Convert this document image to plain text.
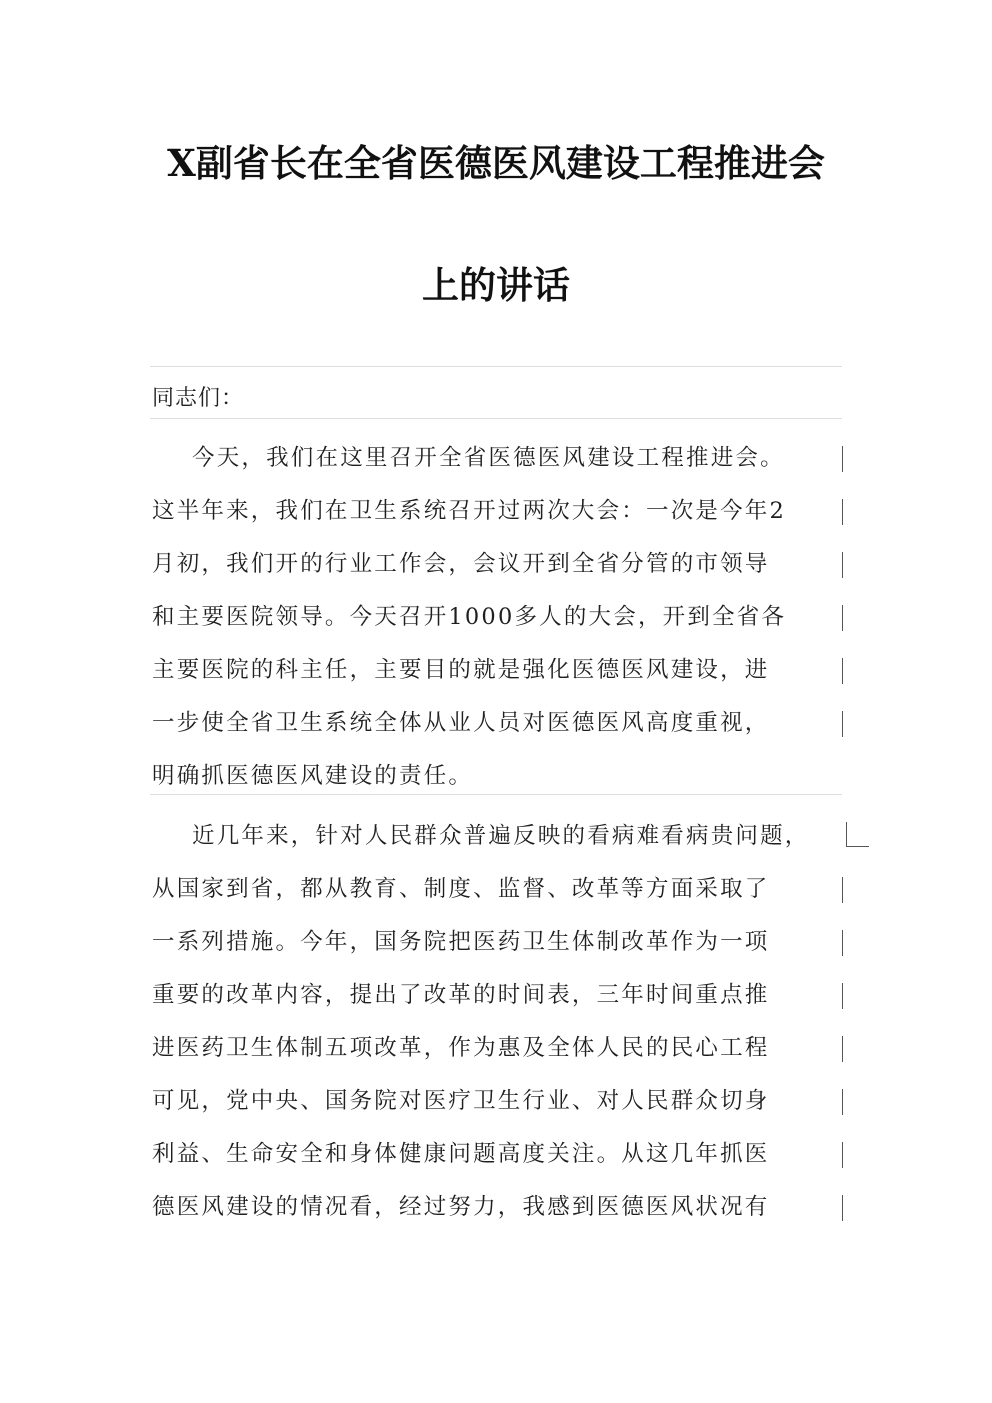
X副省长在全省医德医风建设工程推进会
上的讲话
同志们：
今天，我们在这里召开全省医德医风建设工程推进会。
这半年来，我们在卫生系统召开过两次大会：一次是今年2
月初，我们开的行业工作会，会议开到全省分管的市领导
和主要医院领导。今天召开1000多人的大会，开到全省各
主要医院的科主任，主要目的就是强化医德医风建设，进
一步使全省卫生系统全体从业人员对医德医风高度重视，
明确抓医德医风建设的责任。
近几年来，针对人民群众普遍反映的看病难看病贵问题，
从国家到省，都从教育、制度、监督、改革等方面采取了
一系列措施。今年，国务院把医药卫生体制改革作为一项
重要的改革内容，提出了改革的时间表，三年时间重点推
进医药卫生体制五项改革，作为惠及全体人民的民心工程
可见，党中央、国务院对医疗卫生行业、对人民群众切身
利益、生命安全和身体健康问题高度关注。从这几年抓医
德医风建设的情况看，经过努力，我感到医德医风状况有
